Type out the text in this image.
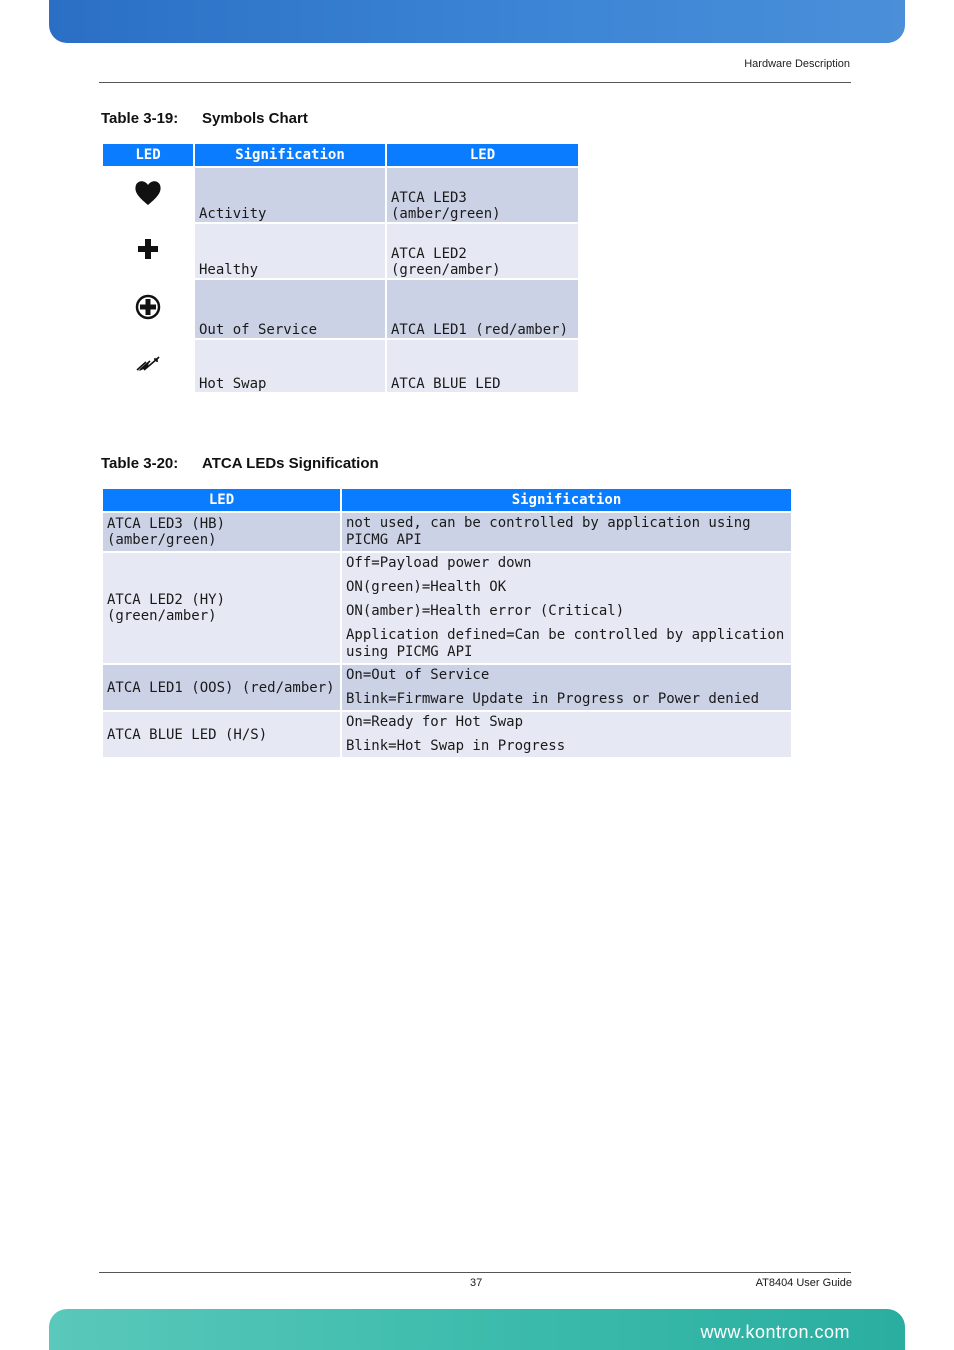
Hardware Description
Table 3-19: Symbols Chart
LED	Signification	LED
	Activity	ATCA LED3 (amber/green)
	Healthy	ATCA LED2 (green/amber)
	Out of Service	ATCA LED1 (red/amber)
	Hot Swap	ATCA BLUE LED
Table 3-20: ATCA LEDs Signification
LED	Signification
ATCA LED3 (HB) (amber/green)	not used, can be controlled by application using PICMG API

ATCA LED2 (HY) (green/amber)	Off=Payload power down
ON(green)=Health OK
ON(amber)=Health error (Critical)
Application defined=Can be controlled by application using PICMG API

ATCA LED1 (OOS) (red/amber)	On=Out of Service
Blink=Firmware Update in Progress or Power denied

ATCA BLUE LED (H/S)	On=Ready for Hot Swap
Blink=Hot Swap in Progress
37	AT8404 User Guide
www.kontron.com
